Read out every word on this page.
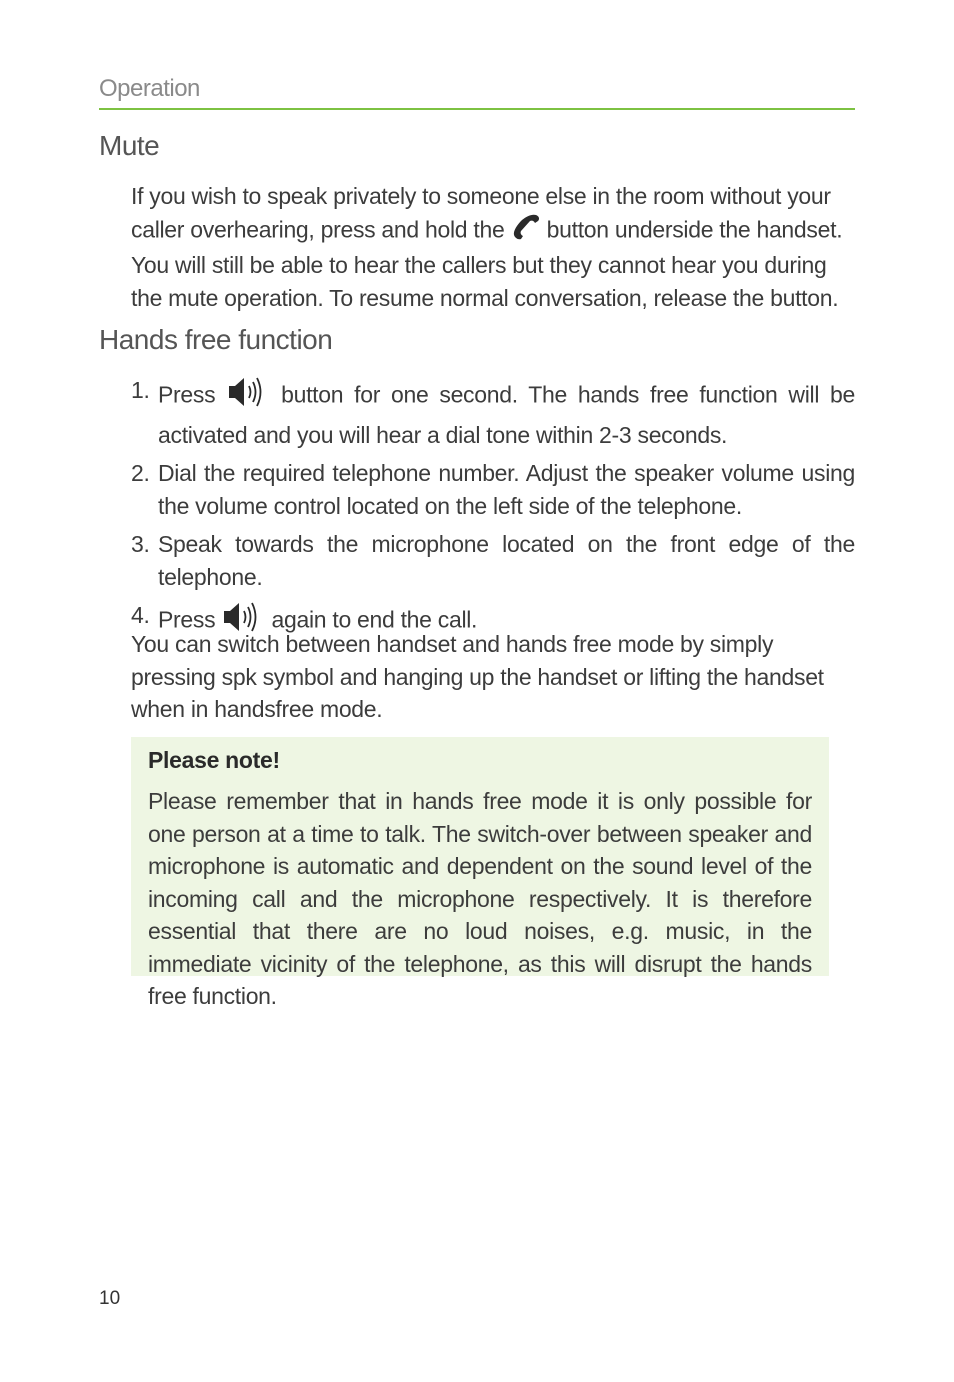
Operation
Mute

If you wish to speak privately to someone else in the room without your caller overhearing, press and hold the button underside the handset. You will still be able to hear the callers but they cannot hear you during the mute operation. To resume normal conversation, release the button.

Hands free function
1. Press	button for one second. The hands free function will be activated and you will hear a dial tone within 2-3 seconds.
2. Dial the required telephone number. Adjust the speaker volume using the volume control located on the left side of the telephone.
3. Speak towards the microphone located on the front edge of the telephone.
4. Press again to end the call.

You can switch between handset and hands free mode by simply pressing spk symbol and hanging up the handset or lifting the handset when in handsfree mode.

Please note!

Please remember that in hands free mode it is only possible for one person at a time to talk. The switch-over between speaker and microphone is automatic and dependent on the sound level of the incoming call and the microphone respectively. It is therefore essential that there are no loud noises, e.g. music, in the immediate vicinity of the telephone, as this will disrupt the hands free function.

10
